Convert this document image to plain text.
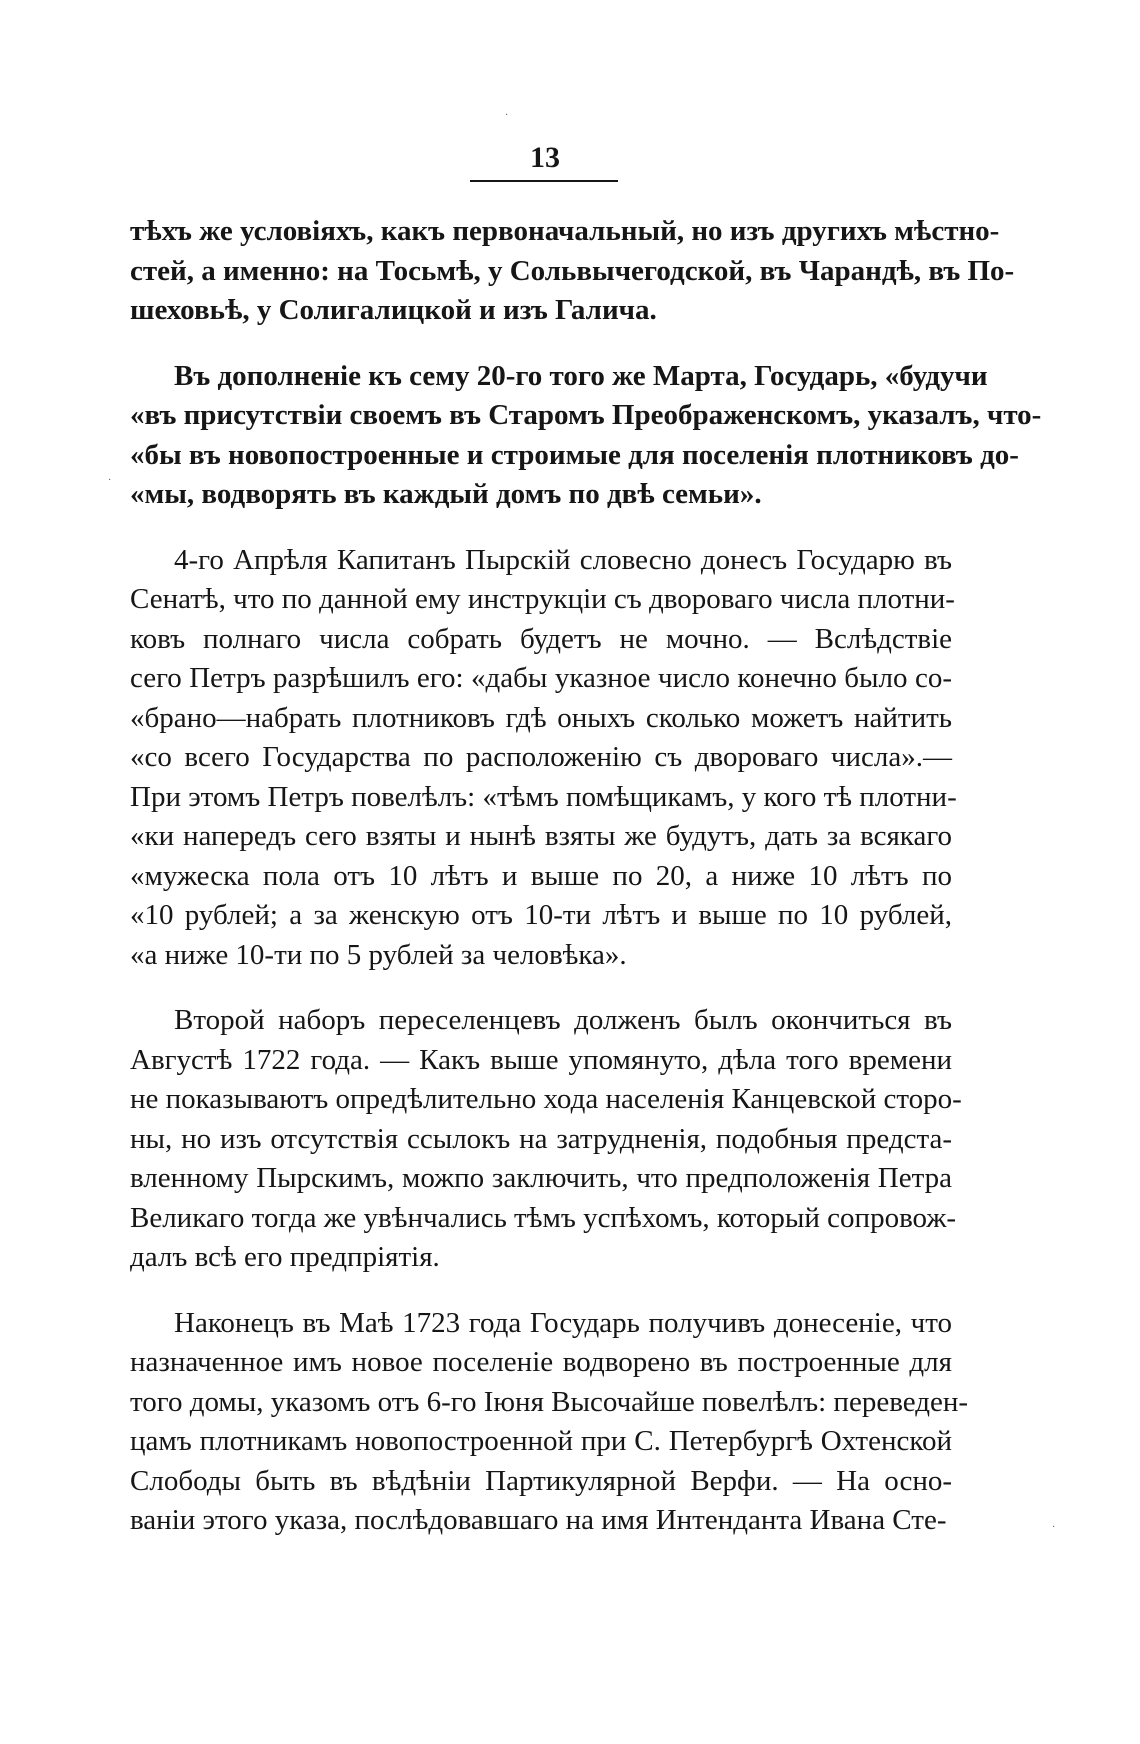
13
·
·
·
тѣхъ же условіяхъ, какъ первоначальный, но изъ другихъ мѣстно-
стей, а именно: на Тосьмѣ, у Сольвычегодской, въ Чарандѣ, въ По-
шеховьѣ, у Солигалицкой и изъ Галича.
Въ дополненіе къ сему 20-го того же Марта, Государь, «будучи
«въ присутствіи своемъ въ Старомъ Преображенскомъ, указалъ, что-
«бы въ новопостроенные и строимые для поселенія плотниковъ до-
«мы, водворять въ каждый домъ по двѣ семьи».
4-го Апрѣля Капитанъ Пырскій словесно донесъ Государю въ
Сенатѣ, что по данной ему инструкціи съ двороваго числа плотни-
ковъ полнаго числа собрать будетъ не мочно. — Вслѣдствіе
сего Петръ разрѣшилъ его: «дабы указное число конечно было со-
«брано—набрать плотниковъ гдѣ оныхъ сколько можетъ найтить
«со всего Государства по расположенію съ двороваго числа».—
При этомъ Петръ повелѣлъ: «тѣмъ помѣщикамъ, у кого тѣ плотни-
«ки напередъ сего взяты и нынѣ взяты же будутъ, дать за всякаго
«мужеска пола отъ 10 лѣтъ и выше по 20, а ниже 10 лѣтъ по
«10 рублей; а за женскую отъ 10-ти лѣтъ и выше по 10 рублей,
«а ниже 10-ти по 5 рублей за человѣка».
Второй наборъ переселенцевъ долженъ былъ окончиться въ
Августѣ 1722 года. — Какъ выше упомянуто, дѣла того времени
не показываютъ опредѣлительно хода населенія Канцевской сторо-
ны, но изъ отсутствія ссылокъ на затрудненія, подобныя предста-
вленному Пырскимъ, можпо заключить, что предположенія Петра
Великаго тогда же увѣнчались тѣмъ успѣхомъ, который сопровож-
далъ всѣ его предпріятія.
Наконецъ въ Маѣ 1723 года Государь получивъ донесеніе, что
назначенное имъ новое поселеніе водворено въ построенные для
того домы, указомъ отъ 6-го Іюня Высочайше повелѣлъ: переведен-
цамъ плотникамъ новопостроенной при С. Петербургѣ Охтенской
Слободы быть въ вѣдѣніи Партикулярной Верфи. — На осно-
ваніи этого указа, послѣдовавшаго на имя Интенданта Ивана Сте-
